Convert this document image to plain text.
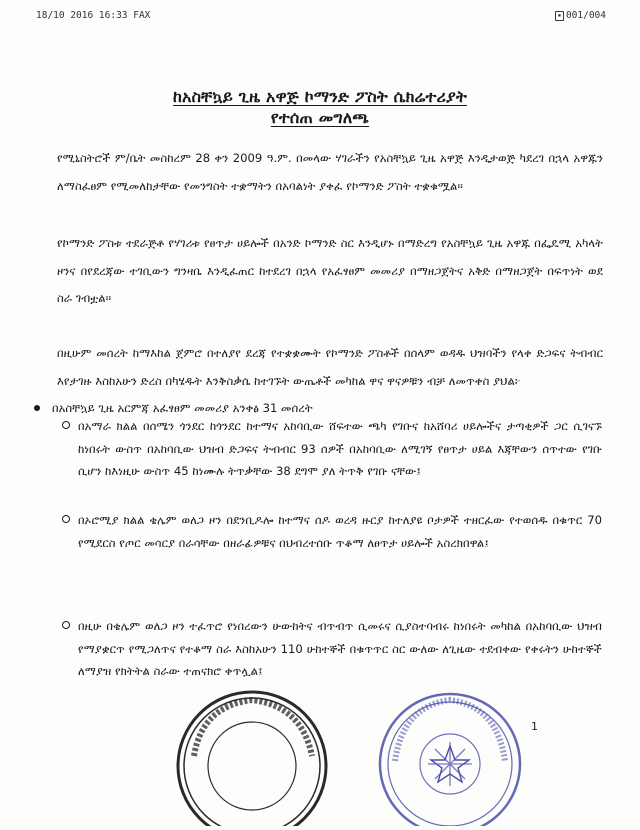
18/10 2016 16:33 FAX	▪ 001/004
ከአስቸኳይ ጊዜ አዋጅ ኮማንድ ፖስት ሴክሬተሪያት
የተሰጠ መግለጫ
የሚኒስትሮች ም/ቤት መስከረም 28 ቀን 2009 ዓ.ም. በመላው ሃገራችን የአስቸኳይ ጊዜ አዋጅ እንዲታወጅ ካደረገ በኋላ አዋጁን ለማስፈፀም የሚመለከታቸው የመንግስት ተቋማትን በአባልነት ያቀፈ የኮማንድ ፖስት ተቋቁሟል፡፡
የኮማንድ ፖስቱ ተደራጅቶ የሃገሪቱ የፀጥታ ሀይሎች በአንድ ኮማንድ ስር እንዲሆኑ በማድረግ የአስቸኳይ ጊዜ አዋጁ በፌዴሚ አካላት ዞንና በየደረጃው ተገቢውን ግንዛቤ እንዲፈጠር ከተደረገ በኋላ የአፈፃፀም መመሪያ በማዘጋጀትና አቅድ በማዘጋጀት በፍጥነት ወደ ስራ ገብቷል፡፡
በዚሁም መሰረት ከማእከል ጀምሮ በተለያየ ደረጃ የተቋቋሙት የኮማንድ ፖስቶች በሰላም ወዳዱ ህዝባችን የላቀ ድጋፍና ትብብር እየታገዙ እስከአሁን ድረስ በካሄዱት እንቅስቃሴ ከተገኙት ውጤቶች መካከል ዋና ዋናዎቹን ብቻ ለመጥቀስ ያህል፦
በአስቸኳይ ጊዜ አርምጃ አፈፃፀም መመሪያ አንቀፅ 31 መሰረት
በአማራ ክልል በሰሜን ጎንደር ከጎንደር ከተማና አከባቢው ሸፍተው ጫካ የገቡና ከአሸባሪ ሀይሎችና ታጣቂዎች ጋር ሲገናኙ ከነበሩት ውስጥ በአከባቢው ህዝብ ድጋፍና ትብብር 93 ሰዎች በአከባቢው ለሚገኝ የፀጥታ ሀይል እጃቸውን ሰጥተው የገቡ ሲሆን ከእነዚሁ ውስጥ 45 ከነሙሉ ትጥቃቸው 38 ደግሞ ያለ ትጥቅ የገቡ ናቸው፤
በኦሮሚያ ክልል ቄሌም ወለጋ ዞን በደንቢዶሎ ከተማና ሰዶ ወረዳ ዙርያ ከተለያዩ ቦታዎች ተዘርፈው የተወሰዱ በቁጥር 70 የሚደርስ የጦር መሳርያ በራሳቸው በዘራፊዎቹና በህብረተሰቡ ጥቆማ ለፀጥታ ሀይሎች አስረክበዋል፤
በዚሁ በቄሌም ወለጋ ዞን ተፈጥሮ የነበረውን ሁውከትና ብጥብጥ ሲመሩና ሲያስተባብሩ ከነበሩት መካከል በአከባቢው ህዝብ የማያቋርጥ የሚጋለጥና የተቆማ ስራ እስከአሁን 110 ሁከተኞች በቁጥጥር ስር ውለው ለጊዜው ተደብቀው የቀሩትን ሁከተኞች ለማያዝ የክትትል ስራው ተጠናክሮ ቀጥሏል፤
1
